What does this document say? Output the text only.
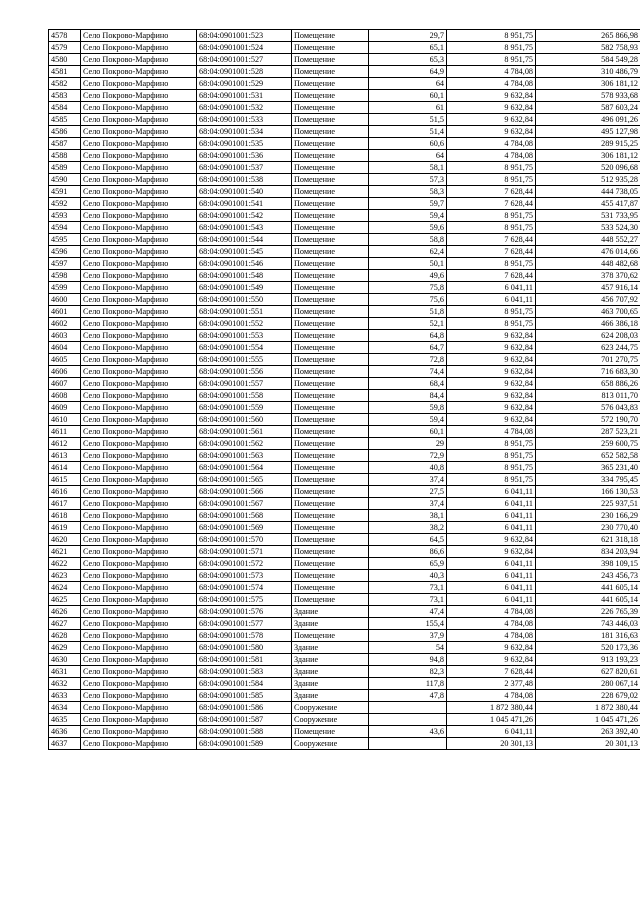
4578	Село Покрово-Марфино	68:04:0901001:523	Помещение	29,7	8 951,75	265 866,98
4579	Село Покрово-Марфино	68:04:0901001:524	Помещение	65,1	8 951,75	582 758,93
4580	Село Покрово-Марфино	68:04:0901001:527	Помещение	65,3	8 951,75	584 549,28
4581	Село Покрово-Марфино	68:04:0901001:528	Помещение	64,9	4 784,08	310 486,79
4582	Село Покрово-Марфино	68:04:0901001:529	Помещение	64	4 784,08	306 181,12
4583	Село Покрово-Марфино	68:04:0901001:531	Помещение	60,1	9 632,84	578 933,68
4584	Село Покрово-Марфино	68:04:0901001:532	Помещение	61	9 632,84	587 603,24
4585	Село Покрово-Марфино	68:04:0901001:533	Помещение	51,5	9 632,84	496 091,26
4586	Село Покрово-Марфино	68:04:0901001:534	Помещение	51,4	9 632,84	495 127,98
4587	Село Покрово-Марфино	68:04:0901001:535	Помещение	60,6	4 784,08	289 915,25
4588	Село Покрово-Марфино	68:04:0901001:536	Помещение	64	4 784,08	306 181,12
4589	Село Покрово-Марфино	68:04:0901001:537	Помещение	58,1	8 951,75	520 096,68
4590	Село Покрово-Марфино	68:04:0901001:538	Помещение	57,3	8 951,75	512 935,28
4591	Село Покрово-Марфино	68:04:0901001:540	Помещение	58,3	7 628,44	444 738,05
4592	Село Покрово-Марфино	68:04:0901001:541	Помещение	59,7	7 628,44	455 417,87
4593	Село Покрово-Марфино	68:04:0901001:542	Помещение	59,4	8 951,75	531 733,95
4594	Село Покрово-Марфино	68:04:0901001:543	Помещение	59,6	8 951,75	533 524,30
4595	Село Покрово-Марфино	68:04:0901001:544	Помещение	58,8	7 628,44	448 552,27
4596	Село Покрово-Марфино	68:04:0901001:545	Помещение	62,4	7 628,44	476 014,66
4597	Село Покрово-Марфино	68:04:0901001:546	Помещение	50,1	8 951,75	448 482,68
4598	Село Покрово-Марфино	68:04:0901001:548	Помещение	49,6	7 628,44	378 370,62
4599	Село Покрово-Марфино	68:04:0901001:549	Помещение	75,8	6 041,11	457 916,14
4600	Село Покрово-Марфино	68:04:0901001:550	Помещение	75,6	6 041,11	456 707,92
4601	Село Покрово-Марфино	68:04:0901001:551	Помещение	51,8	8 951,75	463 700,65
4602	Село Покрово-Марфино	68:04:0901001:552	Помещение	52,1	8 951,75	466 386,18
4603	Село Покрово-Марфино	68:04:0901001:553	Помещение	64,8	9 632,84	624 208,03
4604	Село Покрово-Марфино	68:04:0901001:554	Помещение	64,7	9 632,84	623 244,75
4605	Село Покрово-Марфино	68:04:0901001:555	Помещение	72,8	9 632,84	701 270,75
4606	Село Покрово-Марфино	68:04:0901001:556	Помещение	74,4	9 632,84	716 683,30
4607	Село Покрово-Марфино	68:04:0901001:557	Помещение	68,4	9 632,84	658 886,26
4608	Село Покрово-Марфино	68:04:0901001:558	Помещение	84,4	9 632,84	813 011,70
4609	Село Покрово-Марфино	68:04:0901001:559	Помещение	59,8	9 632,84	576 043,83
4610	Село Покрово-Марфино	68:04:0901001:560	Помещение	59,4	9 632,84	572 190,70
4611	Село Покрово-Марфино	68:04:0901001:561	Помещение	60,1	4 784,08	287 523,21
4612	Село Покрово-Марфино	68:04:0901001:562	Помещение	29	8 951,75	259 600,75
4613	Село Покрово-Марфино	68:04:0901001:563	Помещение	72,9	8 951,75	652 582,58
4614	Село Покрово-Марфино	68:04:0901001:564	Помещение	40,8	8 951,75	365 231,40
4615	Село Покрово-Марфино	68:04:0901001:565	Помещение	37,4	8 951,75	334 795,45
4616	Село Покрово-Марфино	68:04:0901001:566	Помещение	27,5	6 041,11	166 130,53
4617	Село Покрово-Марфино	68:04:0901001:567	Помещение	37,4	6 041,11	225 937,51
4618	Село Покрово-Марфино	68:04:0901001:568	Помещение	38,1	6 041,11	230 166,29
4619	Село Покрово-Марфино	68:04:0901001:569	Помещение	38,2	6 041,11	230 770,40
4620	Село Покрово-Марфино	68:04:0901001:570	Помещение	64,5	9 632,84	621 318,18
4621	Село Покрово-Марфино	68:04:0901001:571	Помещение	86,6	9 632,84	834 203,94
4622	Село Покрово-Марфино	68:04:0901001:572	Помещение	65,9	6 041,11	398 109,15
4623	Село Покрово-Марфино	68:04:0901001:573	Помещение	40,3	6 041,11	243 456,73
4624	Село Покрово-Марфино	68:04:0901001:574	Помещение	73,1	6 041,11	441 605,14
4625	Село Покрово-Марфино	68:04:0901001:575	Помещение	73,1	6 041,11	441 605,14
4626	Село Покрово-Марфино	68:04:0901001:576	Здание	47,4	4 784,08	226 765,39
4627	Село Покрово-Марфино	68:04:0901001:577	Здание	155,4	4 784,08	743 446,03
4628	Село Покрово-Марфино	68:04:0901001:578	Помещение	37,9	4 784,08	181 316,63
4629	Село Покрово-Марфино	68:04:0901001:580	Здание	54	9 632,84	520 173,36
4630	Село Покрово-Марфино	68:04:0901001:581	Здание	94,8	9 632,84	913 193,23
4631	Село Покрово-Марфино	68:04:0901001:583	Здание	82,3	7 628,44	627 820,61
4632	Село Покрово-Марфино	68:04:0901001:584	Здание	117,8	2 377,48	280 067,14
4633	Село Покрово-Марфино	68:04:0901001:585	Здание	47,8	4 784,08	228 679,02
4634	Село Покрово-Марфино	68:04:0901001:586	Сооружение		1 872 380,44	1 872 380,44
4635	Село Покрово-Марфино	68:04:0901001:587	Сооружение		1 045 471,26	1 045 471,26
4636	Село Покрово-Марфино	68:04:0901001:588	Помещение	43,6	6 041,11	263 392,40
4637	Село Покрово-Марфино	68:04:0901001:589	Сооружение		20 301,13	20 301,13
